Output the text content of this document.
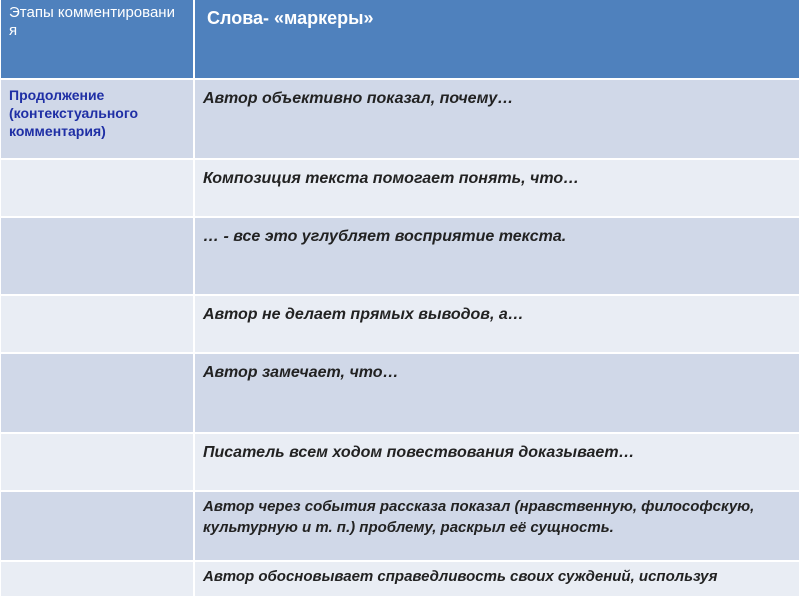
Этапы комментировани я
Слова- «маркеры»
Продолжение (контекстуального комментария)
Автор объективно показал, почему…
Композиция текста помогает понять, что…
… - все это углубляет восприятие текста.
Автор не делает прямых выводов, а…
Автор замечает, что…
Писатель всем ходом повествования доказывает…
Автор через события рассказа показал (нравственную, философскую, культурную и т. п.) проблему, раскрыл её сущность.
Автор обосновывает справедливость своих суждений, используя
